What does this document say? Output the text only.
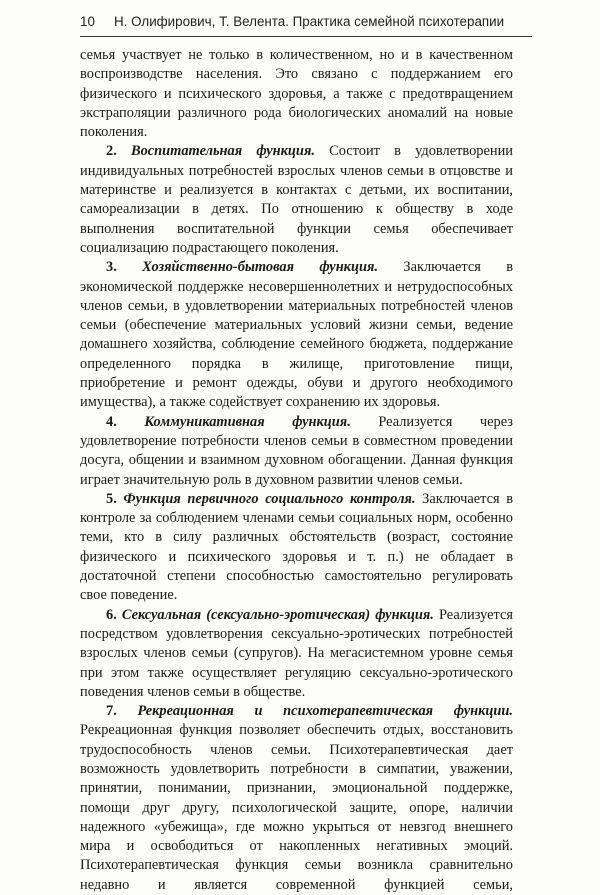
10 Н. Олифирович, Т. Велента. Практика семейной психотерапии

семья участвует не только в количественном, но и в качественном воспроизводстве населения. Это связано с поддержанием его физического и психического здоровья, а также с предотвращением экстраполяции различного рода биологических аномалий на новые поколения.

2. Воспитательная функция. Состоит в удовлетворении индивидуальных потребностей взрослых членов семьи в отцовстве и материнстве и реализуется в контактах с детьми, их воспитании, самореализации в детях. По отношению к обществу в ходе выполнения воспитательной функции семья обеспечивает социализацию подрастающего поколения.

3. Хозяйственно-бытовая функция. Заключается в экономической поддержке несовершеннолетних и нетрудоспособных членов семьи, в удовлетворении материальных потребностей членов семьи (обеспечение материальных условий жизни семьи, ведение домашнего хозяйства, соблюдение семейного бюджета, поддержание определенного порядка в жилище, приготовление пищи, приобретение и ремонт одежды, обуви и другого необходимого имущества), а также содействует сохранению их здоровья.

4. Коммуникативная функция. Реализуется через удовлетворение потребности членов семьи в совместном проведении досуга, общении и взаимном духовном обогащении. Данная функция играет значительную роль в духовном развитии членов семьи.

5. Функция первичного социального контроля. Заключается в контроле за соблюдением членами семьи социальных норм, особенно теми, кто в силу различных обстоятельств (возраст, состояние физического и психического здоровья и т. п.) не обладает в достаточной степени способностью самостоятельно регулировать свое поведение.

6. Сексуальная (сексуально-эротическая) функция. Реализуется посредством удовлетворения сексуально-эротических потребностей взрослых членов семьи (супругов). На мегасистемном уровне семья при этом также осуществляет регуляцию сексуально-эротического поведения членов семьи в обществе.

7. Рекреационная и психотерапевтическая функции. Рекреационная функция позволяет обеспечить отдых, восстановить трудоспособность членов семьи. Психотерапевтическая дает возможность удовлетворить потребности в симпатии, уважении, принятии, понимании, признании, эмоциональной поддержке, помощи друг другу, психологической защите, опоре, наличии надежного «убежища», где можно укрыться от невзгод внешнего мира и освободиться от накопленных негативных эмоций. Психотерапевтическая функция семьи возникла сравнительно недавно и является современной функцией семьи,
